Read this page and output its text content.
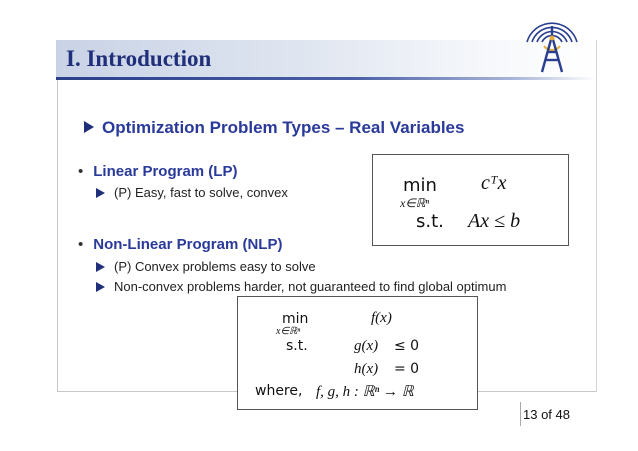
I. Introduction
Optimization Problem Types – Real Variables
• Linear Program (LP)
(P) Easy, fast to solve, convex
• Non-Linear Program (NLP)
(P) Convex problems easy to solve
Non-convex problems harder, not guaranteed to find global optimum
min
x∈ℝⁿ
cᵀx
s.t. Ax ≤ b
min
x∈ℝⁿ
f(x)
s.t.	g(x) ≤ 0
h(x) = 0
where, f, g, h : ℝⁿ → ℝ
13 of 48
